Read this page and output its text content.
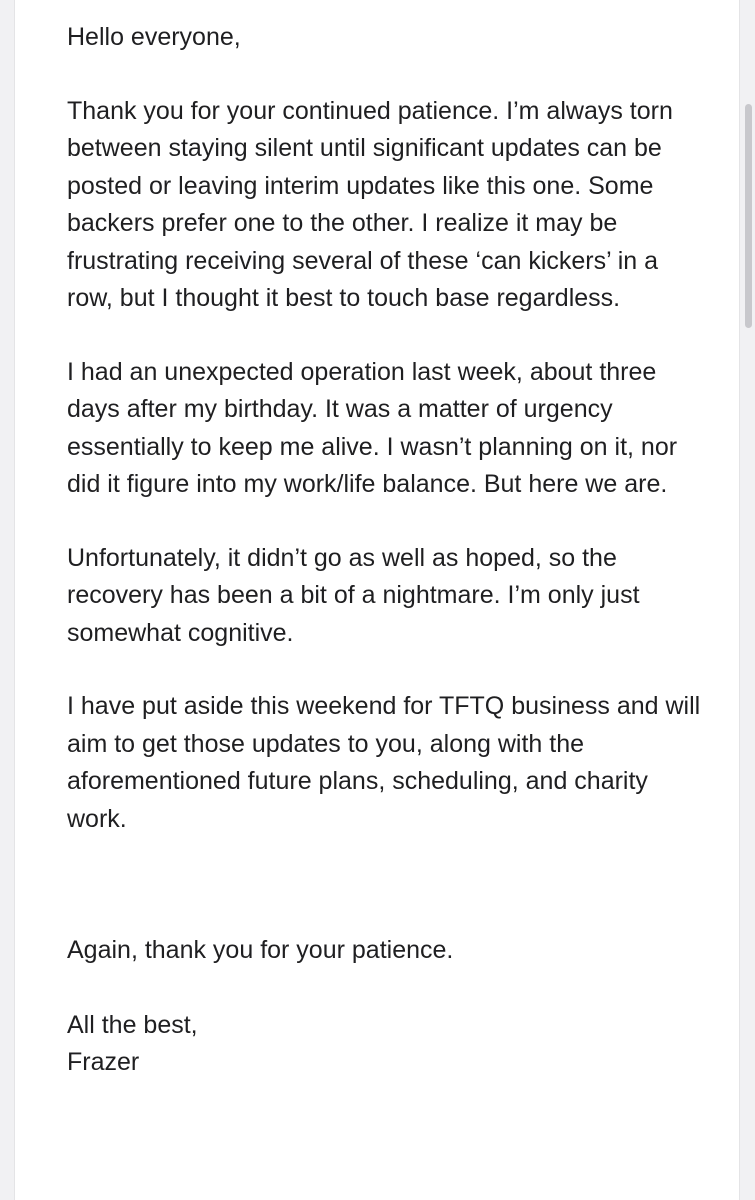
Hello everyone,

Thank you for your continued patience. I’m always torn between staying silent until significant updates can be posted or leaving interim updates like this one. Some backers prefer one to the other. I realize it may be frustrating receiving several of these ‘can kickers’ in a row, but I thought it best to touch base regardless.

I had an unexpected operation last week, about three days after my birthday. It was a matter of urgency essentially to keep me alive. I wasn’t planning on it, nor did it figure into my work/life balance. But here we are.

Unfortunately, it didn’t go as well as hoped, so the recovery has been a bit of a nightmare. I’m only just somewhat cognitive.

I have put aside this weekend for TFTQ business and will aim to get those updates to you, along with the aforementioned future plans, scheduling, and charity work.

Again, thank you for your patience.

All the best,

Frazer
